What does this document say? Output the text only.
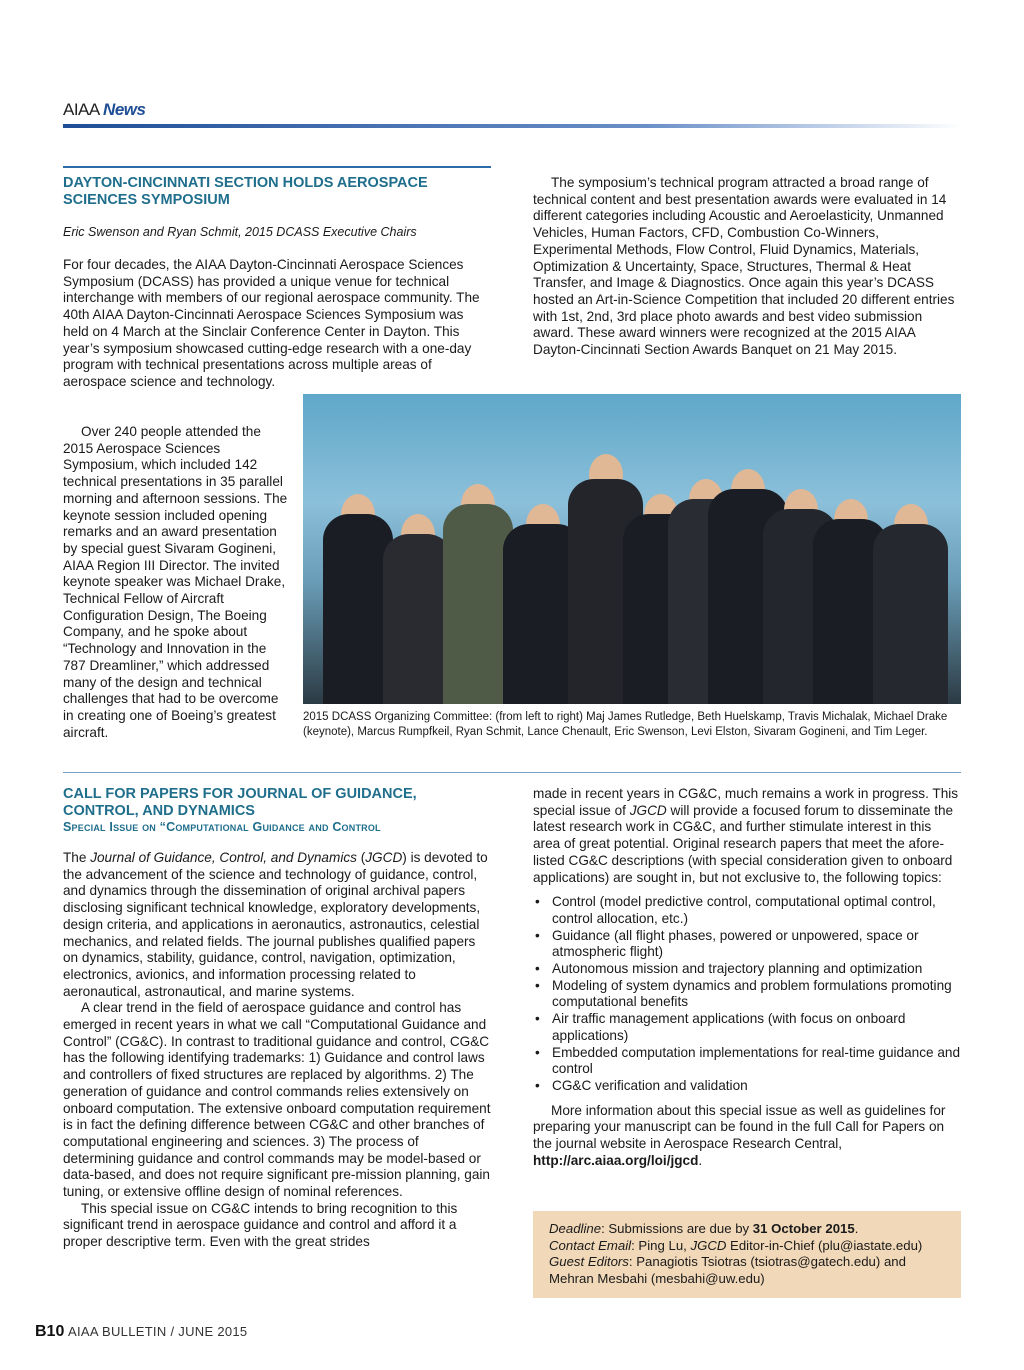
AIAA News
DAYTON-CINCINNATI SECTION HOLDS AEROSPACE SCIENCES SYMPOSIUM
Eric Swenson and Ryan Schmit, 2015 DCASS Executive Chairs

For four decades, the AIAA Dayton-Cincinnati Aerospace Sciences Symposium (DCASS) has provided a unique venue for technical interchange with members of our regional aerospace community. The 40th AIAA Dayton-Cincinnati Aerospace Sciences Symposium was held on 4 March at the Sinclair Conference Center in Dayton. This year’s symposium showcased cutting-edge research with a one-day program with technical presentations across multiple areas of aerospace science and technology.

The symposium’s technical program attracted a broad range of technical content and best presentation awards were evaluated in 14 different categories including Acoustic and Aeroelasticity, Unmanned Vehicles, Human Factors, CFD, Combustion Co-Winners, Experimental Methods, Flow Control, Fluid Dynamics, Materials, Optimization & Uncertainty, Space, Structures, Thermal & Heat Transfer, and Image & Diagnostics. Once again this year’s DCASS hosted an Art-in-Science Competition that included 20 different entries with 1st, 2nd, 3rd place photo awards and best video submission award. These award winners were recognized at the 2015 AIAA Dayton-Cincinnati Section Awards Banquet on 21 May 2015.

Over 240 people attended the 2015 Aerospace Sciences Symposium, which included 142 technical presentations in 35 parallel morning and afternoon sessions. The keynote session included opening remarks and an award presentation by special guest Sivaram Gogineni, AIAA Region III Director. The invited keynote speaker was Michael Drake, Technical Fellow of Aircraft Configuration Design, The Boeing Company, and he spoke about “Technology and Innovation in the 787 Dreamliner,” which addressed many of the design and technical challenges that had to be overcome in creating one of Boeing’s greatest aircraft.

2015 DCASS Organizing Committee: (from left to right) Maj James Rutledge, Beth Huelskamp, Travis Michalak, Michael Drake (keynote), Marcus Rumpfkeil, Ryan Schmit, Lance Chenault, Eric Swenson, Levi Elston, Sivaram Gogineni, and Tim Leger.
CALL FOR PAPERS FOR JOURNAL OF GUIDANCE, CONTROL, AND DYNAMICS
Special Issue on “Computational Guidance and Control

The Journal of Guidance, Control, and Dynamics (JGCD) is devoted to the advancement of the science and technology of guidance, control, and dynamics through the dissemination of original archival papers disclosing significant technical knowledge, exploratory developments, design criteria, and applications in aeronautics, astronautics, celestial mechanics, and related fields. The journal publishes qualified papers on dynamics, stability, guidance, control, navigation, optimization, electronics, avionics, and information processing related to aeronautical, astronautical, and marine systems.

A clear trend in the field of aerospace guidance and control has emerged in recent years in what we call “Computational Guidance and Control” (CG&C). In contrast to traditional guidance and control, CG&C has the following identifying trademarks: 1) Guidance and control laws and controllers of fixed structures are replaced by algorithms. 2) The generation of guidance and control commands relies extensively on onboard computation. The extensive onboard computation requirement is in fact the defining difference between CG&C and other branches of computational engineering and sciences. 3) The process of determining guidance and control commands may be model-based or data-based, and does not require significant pre-mission planning, gain tuning, or extensive offline design of nominal references.

This special issue on CG&C intends to bring recognition to this significant trend in aerospace guidance and control and afford it a proper descriptive term. Even with the great strides

made in recent years in CG&C, much remains a work in progress. This special issue of JGCD will provide a focused forum to disseminate the latest research work in CG&C, and further stimulate interest in this area of great potential. Original research papers that meet the afore-listed CG&C descriptions (with special consideration given to onboard applications) are sought in, but not exclusive to, the following topics:

• Control (model predictive control, computational optimal control, control allocation, etc.)
• Guidance (all flight phases, powered or unpowered, space or atmospheric flight)
• Autonomous mission and trajectory planning and optimization
• Modeling of system dynamics and problem formulations promoting computational benefits
• Air traffic management applications (with focus on onboard applications)
• Embedded computation implementations for real-time guidance and control
• CG&C verification and validation

More information about this special issue as well as guidelines for preparing your manuscript can be found in the full Call for Papers on the journal website in Aerospace Research Central, http://arc.aiaa.org/loi/jgcd.

Deadline: Submissions are due by 31 October 2015.
Contact Email: Ping Lu, JGCD Editor-in-Chief (plu@iastate.edu)
Guest Editors: Panagiotis Tsiotras (tsiotras@gatech.edu) and Mehran Mesbahi (mesbahi@uw.edu)
B10 AIAA BULLETIN / JUNE 2015
